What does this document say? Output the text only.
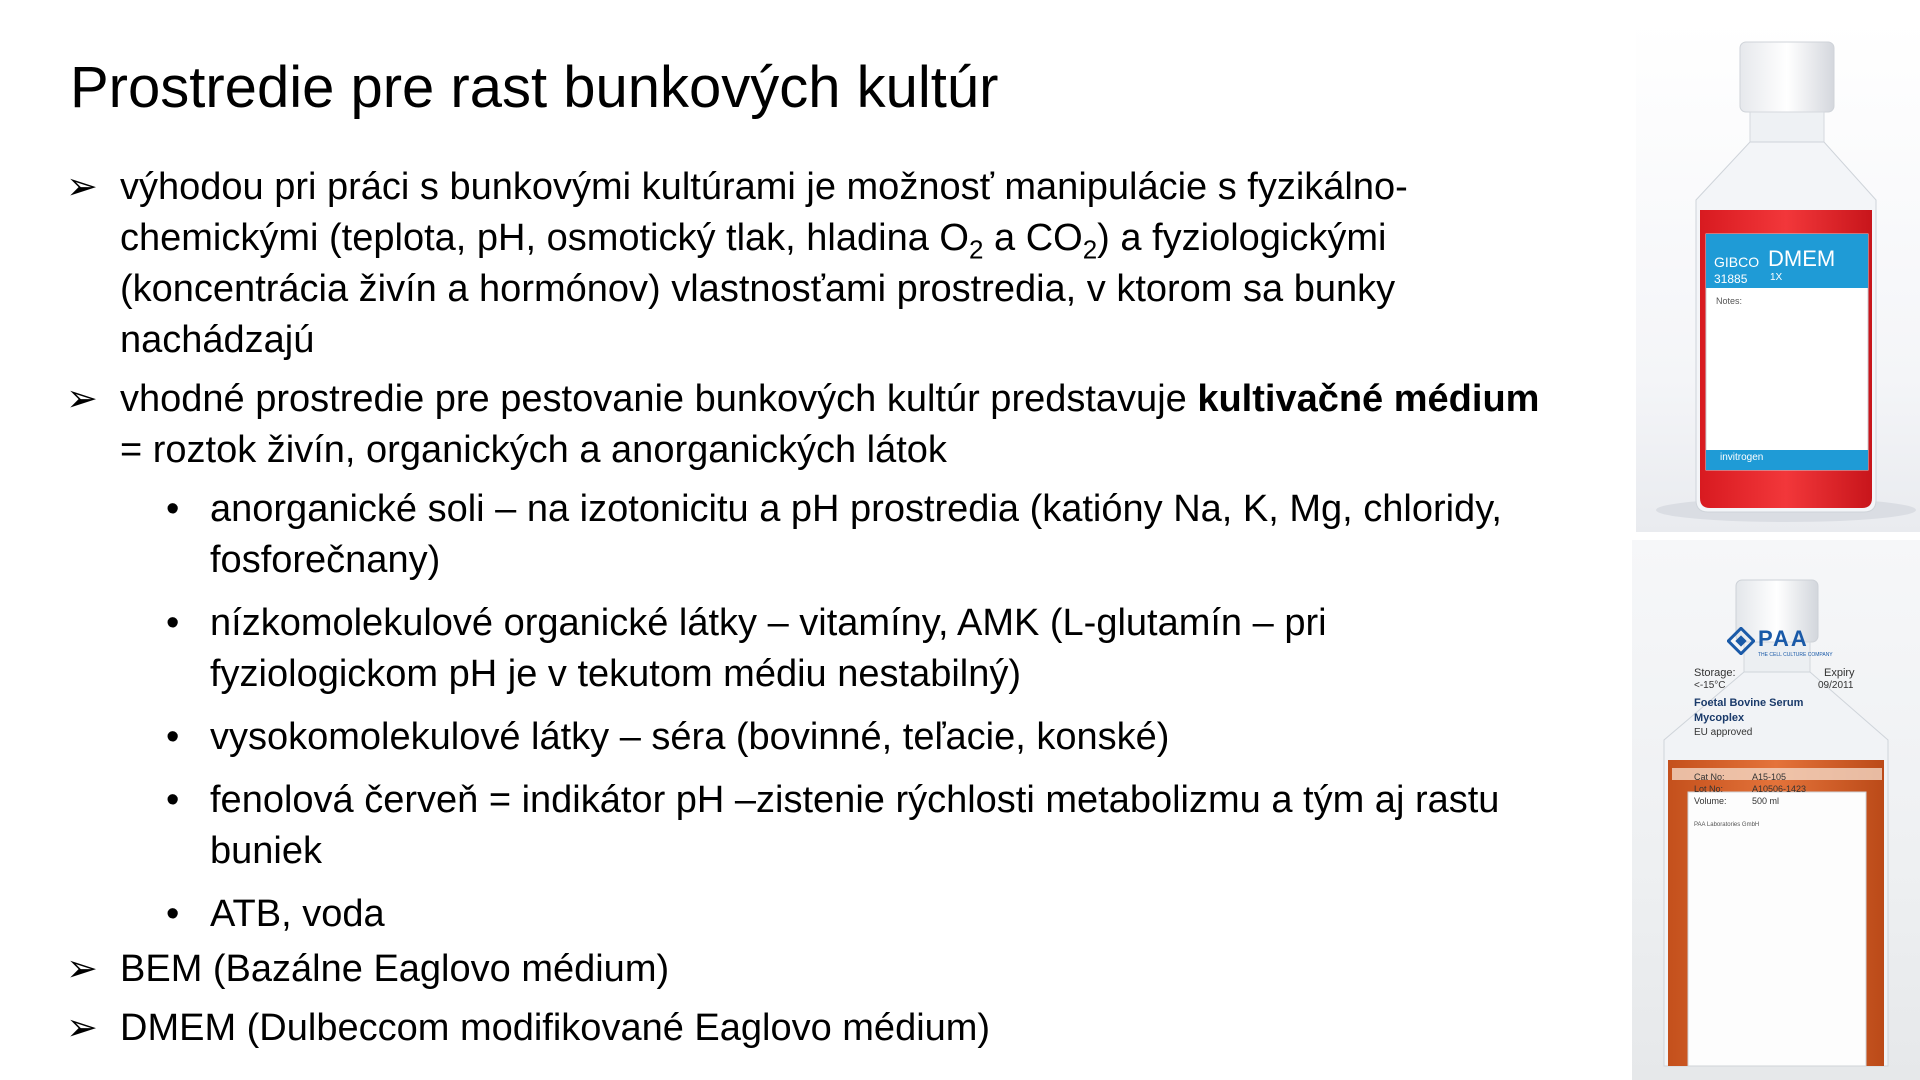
Prostredie pre rast bunkových kultúr
➢ výhodou pri práci s bunkovými kultúrami je možnosť manipulácie s fyzikálno-chemickými (teplota, pH, osmotický tlak, hladina $O_2$ a $CO_2$) a fyziologickými (koncentrácia živín a hormónov) vlastnosťami prostredia, v ktorom sa bunky nachádzajú
➢ vhodné prostredie pre pestovanie bunkových kultúr predstavuje kultivačné médium = roztok živín, organických a anorganických látok
• anorganické soli – na izotonicitu a pH prostredia (katióny Na, K, Mg, chloridy, fosforečnany)
• nízkomolekulové organické látky – vitamíny, AMK (L-glutamín – pri fyziologickom pH je v tekutom médiu nestabilný)
• vysokomolekulové látky – séra (bovinné, teľacie, konské)
• fenolová červeň = indikátor pH –zistenie rýchlosti metabolizmu a tým aj rastu buniek
• ATB, voda
➢ BEM (Bazálne Eaglovo médium)
➢ DMEM (Dulbeccom modifikované Eaglovo médium)
GIBCO DMEM
1X
31885
Notes:
invitrogen
PAA
THE CELL CULTURE COMPANY
Storage:
<-15°C
Expiry
09/2011
Foetal Bovine Serum
Mycoplex
EU approved
Cat No:	A15-105
Lot No:	A10506-1423
Volume:	500 ml
PAA Laboratories GmbH
